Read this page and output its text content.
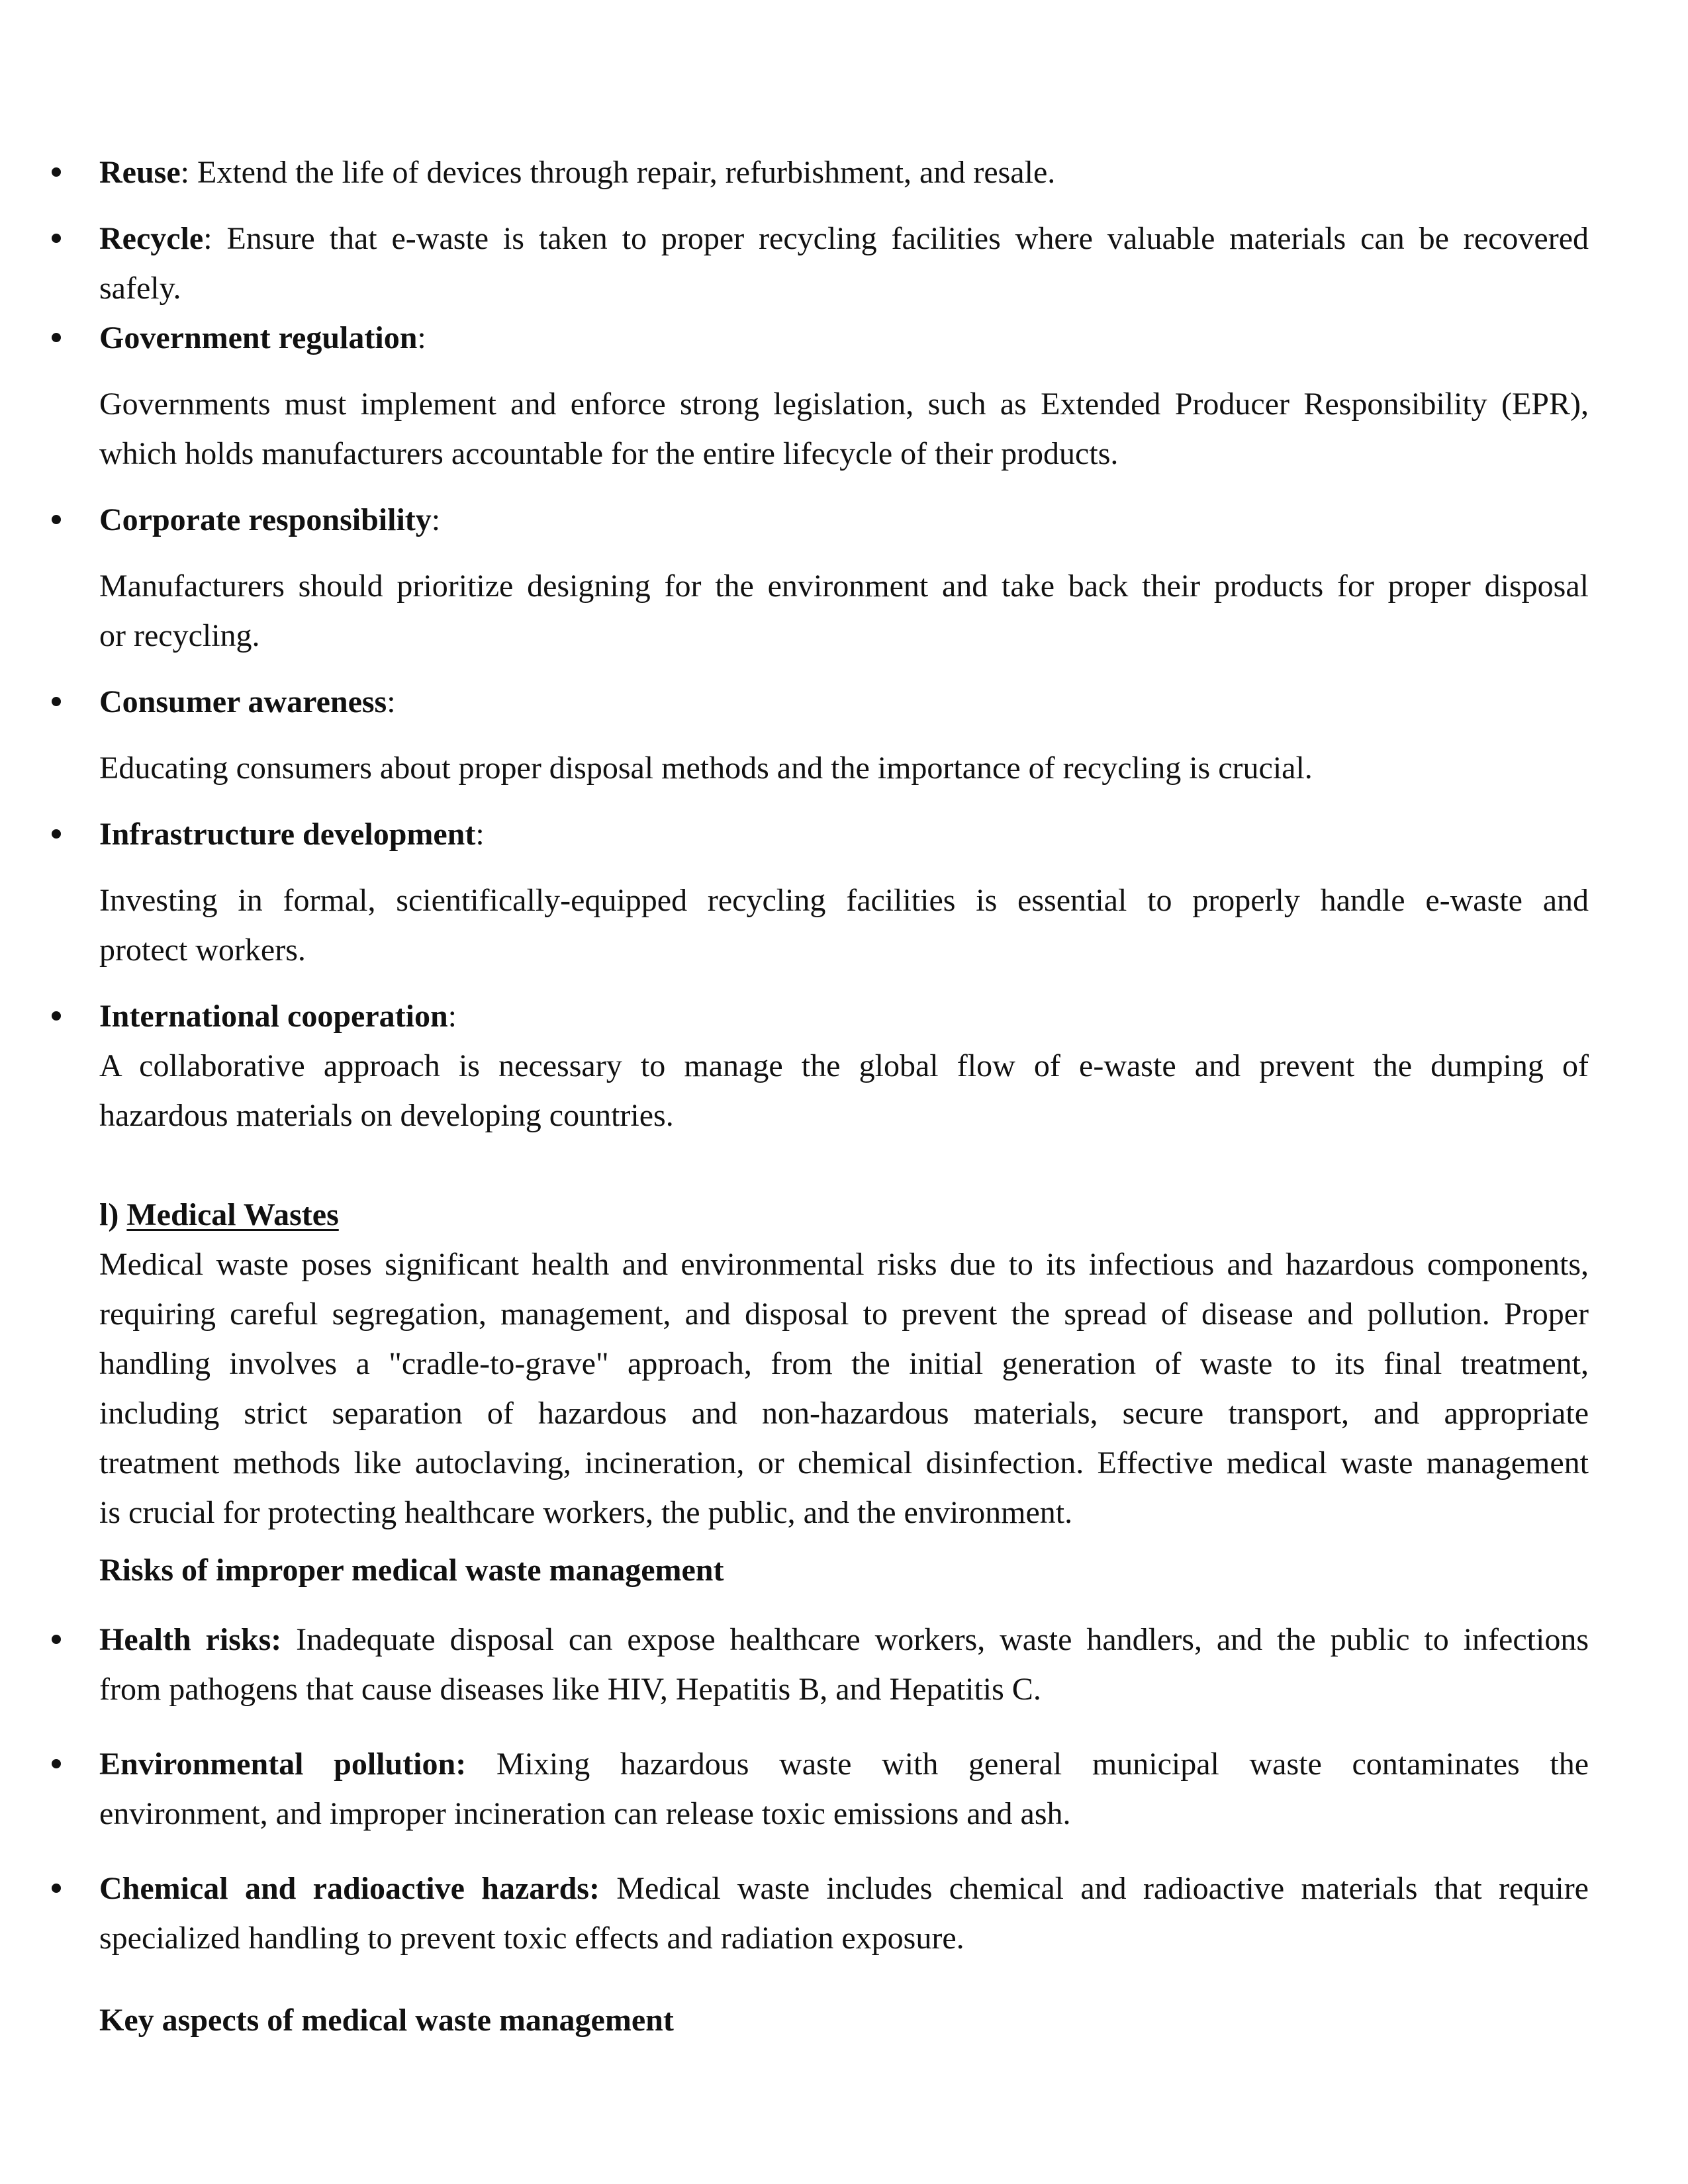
Reuse: Extend the life of devices through repair, refurbishment, and resale.
Recycle: Ensure that e-waste is taken to proper recycling facilities where valuable materials can be recovered
safely.
Government regulation:
Governments must implement and enforce strong legislation, such as Extended Producer Responsibility (EPR),
which holds manufacturers accountable for the entire lifecycle of their products.
Corporate responsibility:
Manufacturers should prioritize designing for the environment and take back their products for proper disposal
or recycling.
Consumer awareness:
Educating consumers about proper disposal methods and the importance of recycling is crucial.
Infrastructure development:
Investing in formal, scientifically-equipped recycling facilities is essential to properly handle e-waste and
protect workers.
International cooperation:
A collaborative approach is necessary to manage the global flow of e-waste and prevent the dumping of
hazardous materials on developing countries.
l) Medical Wastes
Medical waste poses significant health and environmental risks due to its infectious and hazardous components,
requiring careful segregation, management, and disposal to prevent the spread of disease and pollution. Proper
handling involves a "cradle-to-grave" approach, from the initial generation of waste to its final treatment,
including strict separation of hazardous and non-hazardous materials, secure transport, and appropriate
treatment methods like autoclaving, incineration, or chemical disinfection. Effective medical waste management
is crucial for protecting healthcare workers, the public, and the environment.
Risks of improper medical waste management
Health risks: Inadequate disposal can expose healthcare workers, waste handlers, and the public to infections
from pathogens that cause diseases like HIV, Hepatitis B, and Hepatitis C.
Environmental pollution: Mixing hazardous waste with general municipal waste contaminates the
environment, and improper incineration can release toxic emissions and ash.
Chemical and radioactive hazards: Medical waste includes chemical and radioactive materials that require
specialized handling to prevent toxic effects and radiation exposure.
Key aspects of medical waste management
